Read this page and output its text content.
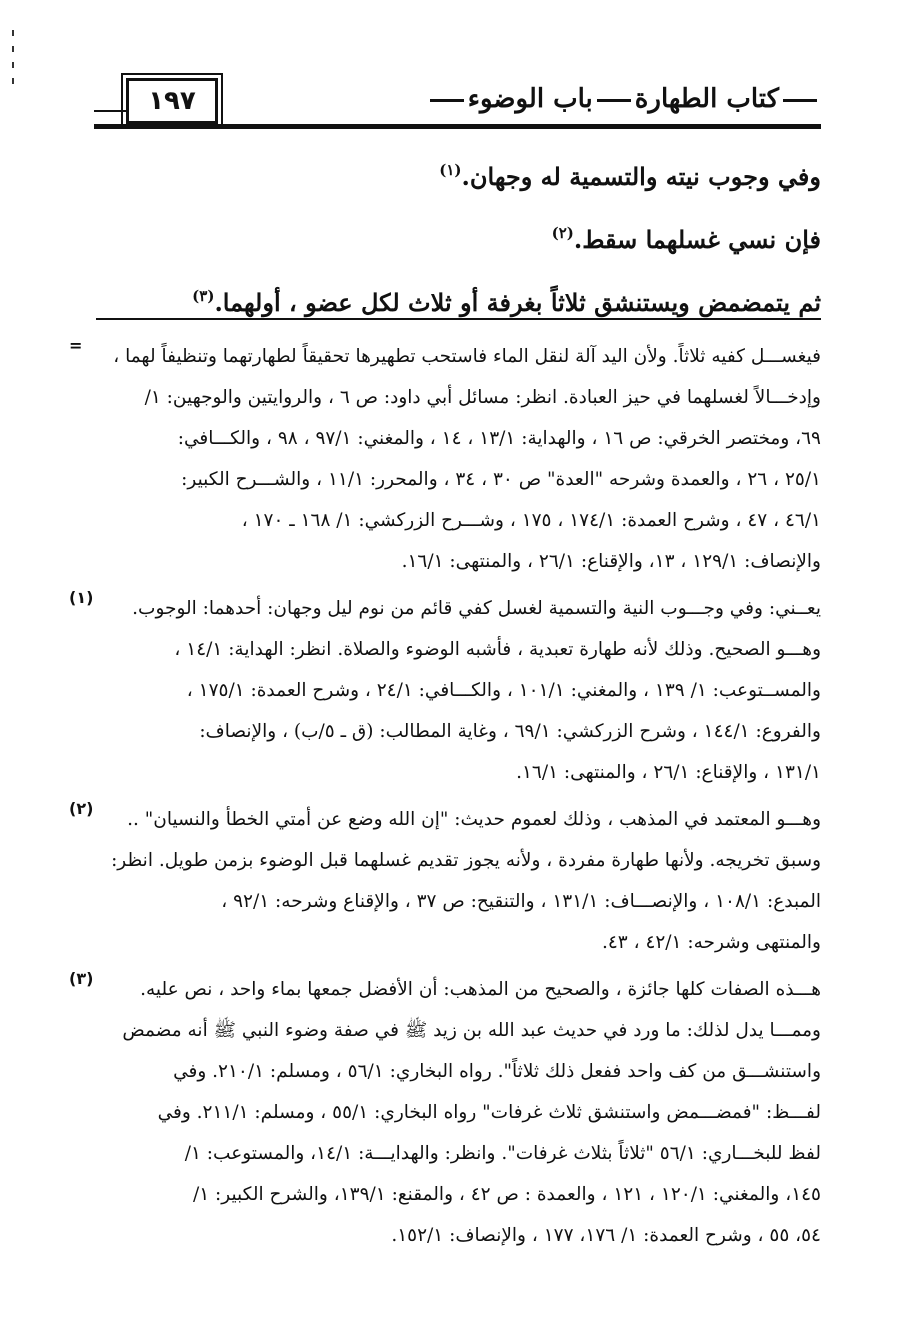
١٩٧	كتاب الطهارةباب الوضوء
وفي وجوب نيته والتسمية له وجهان.$^{(١)}$
فإن نسي غسلهما سقط.$^{(٢)}$
ثم يتمضمض ويستنشق ثلاثاً بغرفة أو ثلاث لكل عضو ، أولهما.$^{(٣)}$
=
فيغســـل كفيه ثلاثاً. ولأن اليد آلة لنقل الماء فاستحب تطهيرها تحقيقاً لطهارتهما وتنظيفاً لهما ،
وإدخـــالاً لغسلهما في حيز العبادة. انظر: مسائل أبي داود: ص ٦ ، والروايتين والوجهين: ١/
٦٩، ومختصر الخرقي: ص ١٦ ، والهداية: ١٣/١ ، ١٤ ، والمغني: ٩٧/١ ، ٩٨ ، والكـــافي:
٢٥/١ ، ٢٦ ، والعمدة وشرحه "العدة" ص ٣٠ ، ٣٤ ، والمحرر: ١١/١ ، والشـــرح الكبير:
٤٦/١ ، ٤٧ ، وشرح العمدة: ١٧٤/١ ، ١٧٥ ، وشـــرح الزركشي: ١/ ١٦٨ ـ ١٧٠ ،
والإنصاف: ١٢٩/١ ، ١٣، والإقناع: ٢٦/١ ، والمنتهى: ١٦/١.
(١)
يعــني: وفي وجـــوب النية والتسمية لغسل كفي قائم من نوم ليل وجهان: أحدهما: الوجوب.
وهـــو الصحيح. وذلك لأنه طهارة تعبدية ، فأشبه الوضوء والصلاة. انظر: الهداية: ١٤/١ ،
والمســتوعب: ١/ ١٣٩ ، والمغني: ١٠١/١ ، والكـــافي: ٢٤/١ ، وشرح العمدة: ١٧٥/١ ،
والفروع: ١٤٤/١ ، وشرح الزركشي: ٦٩/١ ، وغاية المطالب: (ق ـ ٥/ب) ، والإنصاف:
١٣١/١ ، والإقناع: ٢٦/١ ، والمنتهى: ١٦/١.
(٢)
وهـــو المعتمد في المذهب ، وذلك لعموم حديث: "إن الله وضع عن أمتي الخطأ والنسيان" ..
وسبق تخريجه. ولأنها طهارة مفردة ، ولأنه يجوز تقديم غسلهما قبل الوضوء بزمن طويل. انظر:
المبدع: ١٠٨/١ ، والإنصـــاف: ١٣١/١ ، والتنقيح: ص ٣٧ ، والإقناع وشرحه: ٩٢/١ ،
والمنتهى وشرحه: ٤٢/١ ، ٤٣.
(٣)
هـــذه الصفات كلها جائزة ، والصحيح من المذهب: أن الأفضل جمعها بماء واحد ، نص عليه.
وممـــا يدل لذلك: ما ورد في حديث عبد الله بن زيد ﷺ في صفة وضوء النبي ﷺ أنه مضمض
واستنشـــق من كف واحد ففعل ذلك ثلاثاً". رواه البخاري: ٥٦/١ ، ومسلم: ٢١٠/١. وفي
لفـــظ: "فمضـــمض واستنشق ثلاث غرفات" رواه البخاري: ٥٥/١ ، ومسلم: ٢١١/١. وفي
لفظ للبخـــاري: ٥٦/١ "ثلاثاً بثلاث غرفات". وانظر: والهدايـــة: ١٤/١، والمستوعب: ١/
١٤٥، والمغني: ١٢٠/١ ، ١٢١ ، والعمدة : ص ٤٢ ، والمقنع: ١٣٩/١، والشرح الكبير: ١/
٥٤، ٥٥ ، وشرح العمدة: ١/ ١٧٦، ١٧٧ ، والإنصاف: ١٥٢/١.
